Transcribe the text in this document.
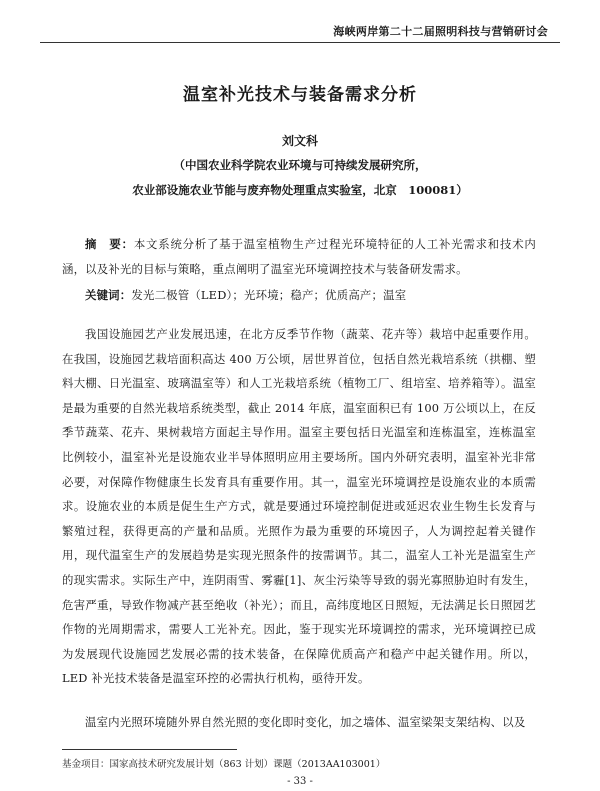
海峡两岸第二十二届照明科技与营销研讨会
温室补光技术与装备需求分析
刘文科
（中国农业科学院农业环境与可持续发展研究所，
农业部设施农业节能与废弃物处理重点实验室，北京　100081）
摘　要：本文系统分析了基于温室植物生产过程光环境特征的人工补光需求和技术内涵，以及补光的目标与策略，重点阐明了温室光环境调控技术与装备研发需求。
关键词：发光二极管（LED）；光环境；稳产；优质高产；温室
我国设施园艺产业发展迅速，在北方反季节作物（蔬菜、花卉等）栽培中起重要作用。在我国，设施园艺栽培面积高达 400 万公顷，居世界首位，包括自然光栽培系统（拱棚、塑料大棚、日光温室、玻璃温室等）和人工光栽培系统（植物工厂、组培室、培养箱等）。温室是最为重要的自然光栽培系统类型，截止 2014 年底，温室面积已有 100 万公顷以上，在反季节蔬菜、花卉、果树栽培方面起主导作用。温室主要包括日光温室和连栋温室，连栋温室比例较小，温室补光是设施农业半导体照明应用主要场所。国内外研究表明，温室补光非常必要，对保障作物健康生长发育具有重要作用。其一，温室光环境调控是设施农业的本质需求。设施农业的本质是促生生产方式，就是要通过环境控制促进或延迟农业生物生长发育与繁殖过程，获得更高的产量和品质。光照作为最为重要的环境因子，人为调控起着关键作用，现代温室生产的发展趋势是实现光照条件的按需调节。其二，温室人工补光是温室生产的现实需求。实际生产中，连阴雨雪、雾霾[1]、灰尘污染等导致的弱光寡照胁迫时有发生，危害严重，导致作物减产甚至绝收（补光）；而且，高纬度地区日照短，无法满足长日照园艺作物的光周期需求，需要人工光补充。因此，鉴于现实光环境调控的需求，光环境调控已成为发展现代设施园艺发展必需的技术装备，在保障优质高产和稳产中起关键作用。所以，LED 补光技术装备是温室环控的必需执行机构，亟待开发。
温室内光照环境随外界自然光照的变化即时变化，加之墙体、温室梁架支架结构、以及
基金项目：国家高技术研究发展计划（863 计划）课题（2013AA103001）
- 33 -
